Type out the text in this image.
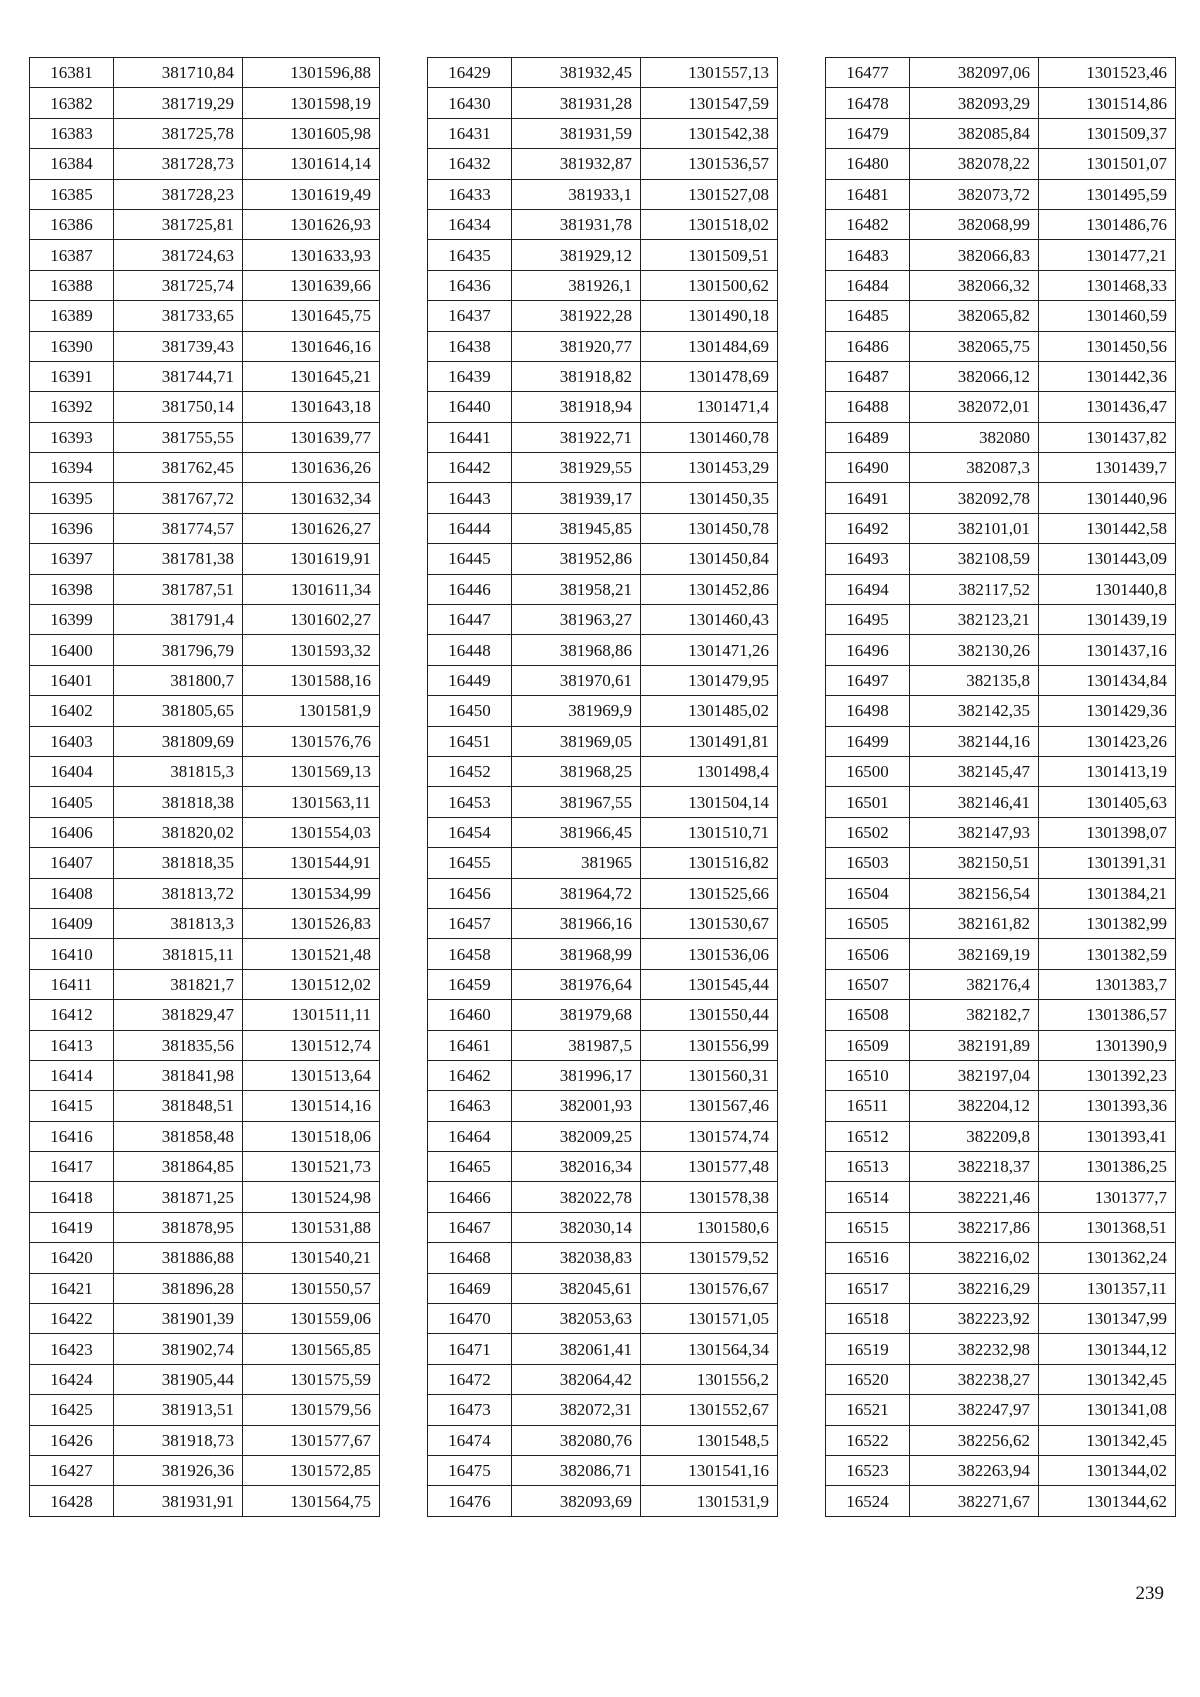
16381	381710,84	1301596,88
16382	381719,29	1301598,19
16383	381725,78	1301605,98
16384	381728,73	1301614,14
16385	381728,23	1301619,49
16386	381725,81	1301626,93
16387	381724,63	1301633,93
16388	381725,74	1301639,66
16389	381733,65	1301645,75
16390	381739,43	1301646,16
16391	381744,71	1301645,21
16392	381750,14	1301643,18
16393	381755,55	1301639,77
16394	381762,45	1301636,26
16395	381767,72	1301632,34
16396	381774,57	1301626,27
16397	381781,38	1301619,91
16398	381787,51	1301611,34
16399	381791,4	1301602,27
16400	381796,79	1301593,32
16401	381800,7	1301588,16
16402	381805,65	1301581,9
16403	381809,69	1301576,76
16404	381815,3	1301569,13
16405	381818,38	1301563,11
16406	381820,02	1301554,03
16407	381818,35	1301544,91
16408	381813,72	1301534,99
16409	381813,3	1301526,83
16410	381815,11	1301521,48
16411	381821,7	1301512,02
16412	381829,47	1301511,11
16413	381835,56	1301512,74
16414	381841,98	1301513,64
16415	381848,51	1301514,16
16416	381858,48	1301518,06
16417	381864,85	1301521,73
16418	381871,25	1301524,98
16419	381878,95	1301531,88
16420	381886,88	1301540,21
16421	381896,28	1301550,57
16422	381901,39	1301559,06
16423	381902,74	1301565,85
16424	381905,44	1301575,59
16425	381913,51	1301579,56
16426	381918,73	1301577,67
16427	381926,36	1301572,85
16428	381931,91	1301564,75
16429	381932,45	1301557,13
16430	381931,28	1301547,59
16431	381931,59	1301542,38
16432	381932,87	1301536,57
16433	381933,1	1301527,08
16434	381931,78	1301518,02
16435	381929,12	1301509,51
16436	381926,1	1301500,62
16437	381922,28	1301490,18
16438	381920,77	1301484,69
16439	381918,82	1301478,69
16440	381918,94	1301471,4
16441	381922,71	1301460,78
16442	381929,55	1301453,29
16443	381939,17	1301450,35
16444	381945,85	1301450,78
16445	381952,86	1301450,84
16446	381958,21	1301452,86
16447	381963,27	1301460,43
16448	381968,86	1301471,26
16449	381970,61	1301479,95
16450	381969,9	1301485,02
16451	381969,05	1301491,81
16452	381968,25	1301498,4
16453	381967,55	1301504,14
16454	381966,45	1301510,71
16455	381965	1301516,82
16456	381964,72	1301525,66
16457	381966,16	1301530,67
16458	381968,99	1301536,06
16459	381976,64	1301545,44
16460	381979,68	1301550,44
16461	381987,5	1301556,99
16462	381996,17	1301560,31
16463	382001,93	1301567,46
16464	382009,25	1301574,74
16465	382016,34	1301577,48
16466	382022,78	1301578,38
16467	382030,14	1301580,6
16468	382038,83	1301579,52
16469	382045,61	1301576,67
16470	382053,63	1301571,05
16471	382061,41	1301564,34
16472	382064,42	1301556,2
16473	382072,31	1301552,67
16474	382080,76	1301548,5
16475	382086,71	1301541,16
16476	382093,69	1301531,9
16477	382097,06	1301523,46
16478	382093,29	1301514,86
16479	382085,84	1301509,37
16480	382078,22	1301501,07
16481	382073,72	1301495,59
16482	382068,99	1301486,76
16483	382066,83	1301477,21
16484	382066,32	1301468,33
16485	382065,82	1301460,59
16486	382065,75	1301450,56
16487	382066,12	1301442,36
16488	382072,01	1301436,47
16489	382080	1301437,82
16490	382087,3	1301439,7
16491	382092,78	1301440,96
16492	382101,01	1301442,58
16493	382108,59	1301443,09
16494	382117,52	1301440,8
16495	382123,21	1301439,19
16496	382130,26	1301437,16
16497	382135,8	1301434,84
16498	382142,35	1301429,36
16499	382144,16	1301423,26
16500	382145,47	1301413,19
16501	382146,41	1301405,63
16502	382147,93	1301398,07
16503	382150,51	1301391,31
16504	382156,54	1301384,21
16505	382161,82	1301382,99
16506	382169,19	1301382,59
16507	382176,4	1301383,7
16508	382182,7	1301386,57
16509	382191,89	1301390,9
16510	382197,04	1301392,23
16511	382204,12	1301393,36
16512	382209,8	1301393,41
16513	382218,37	1301386,25
16514	382221,46	1301377,7
16515	382217,86	1301368,51
16516	382216,02	1301362,24
16517	382216,29	1301357,11
16518	382223,92	1301347,99
16519	382232,98	1301344,12
16520	382238,27	1301342,45
16521	382247,97	1301341,08
16522	382256,62	1301342,45
16523	382263,94	1301344,02
16524	382271,67	1301344,62
239
